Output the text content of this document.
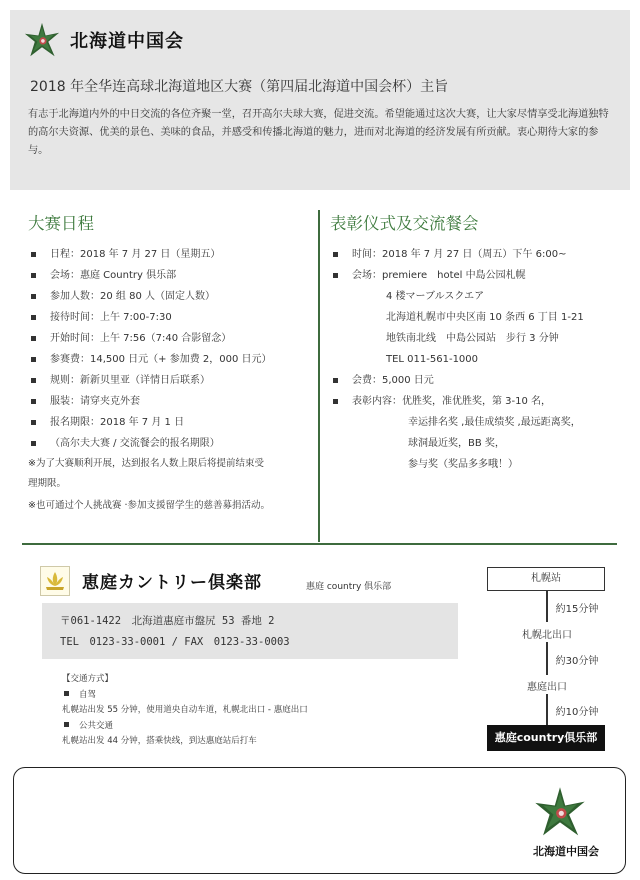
北海道中国会
2018 年全华连高球北海道地区大赛（第四届北海道中国会杯）主旨
有志于北海道内外的中日交流的各位齐聚一堂，召开高尔夫球大赛，促进交流。希望能通过这次大赛，让大家尽情享受北海道独特的高尔夫资源、优美的景色、美味的食品，并感受和传播北海道的魅力，进而对北海道的经济发展有所贡献。衷心期待大家的参与。
大赛日程
日程：2018 年 7 月 27 日（星期五）
会场：惠庭 Country 俱乐部
参加人数：20 组 80 人（固定人数）
接待时间：上午 7:00-7:30
开始时间：上午 7:56（7:40 合影留念）
参赛费：14,500 日元（+ 参加费 2，000 日元）
规则：新新贝里亚（详情日后联系）
服装：请穿夹克外套
报名期限：2018 年 7 月 1 日
（高尔夫大赛 / 交流餐会的报名期限）
※为了大赛顺利开展，达到报名人数上限后将提前结束受
理期限。
※也可通过个人挑战赛 ·参加支援留学生的慈善募捐活动。
表彰仪式及交流餐会
时间：2018 年 7 月 27 日（周五）下午 6:00~
会场：premiere　hotel 中島公园札幌
4 楼マーブルスクエア
北海道札幌市中央区南 10 条西 6 丁目 1-21
地铁南北线　中島公园站　步行 3 分钟
TEL 011-561-1000
会费：5,000 日元
表彰内容：优胜奖，准优胜奖，第 3-10 名，
幸运排名奖 ,最佳成绩奖 ,最远距离奖，
球洞最近奖，BB 奖，
参与奖（奖品多多哦！）
恵庭カントリー倶楽部	惠庭 country 俱乐部
〒061-1422　北海道惠庭市盤尻 53 番地 2
TEL　0123-33-0001 / FAX　0123-33-0003
【交通方式】
自驾
札幌站出发 55 分钟，使用道央自动车道，札幌北出口 - 惠庭出口
公共交通
札幌站出发 44 分钟，搭乘快线，到达惠庭站后打车
札幌站
約15分钟
札幌北出口
約30分钟
惠庭出口
約10分钟
惠庭country俱乐部
北海道中国会
